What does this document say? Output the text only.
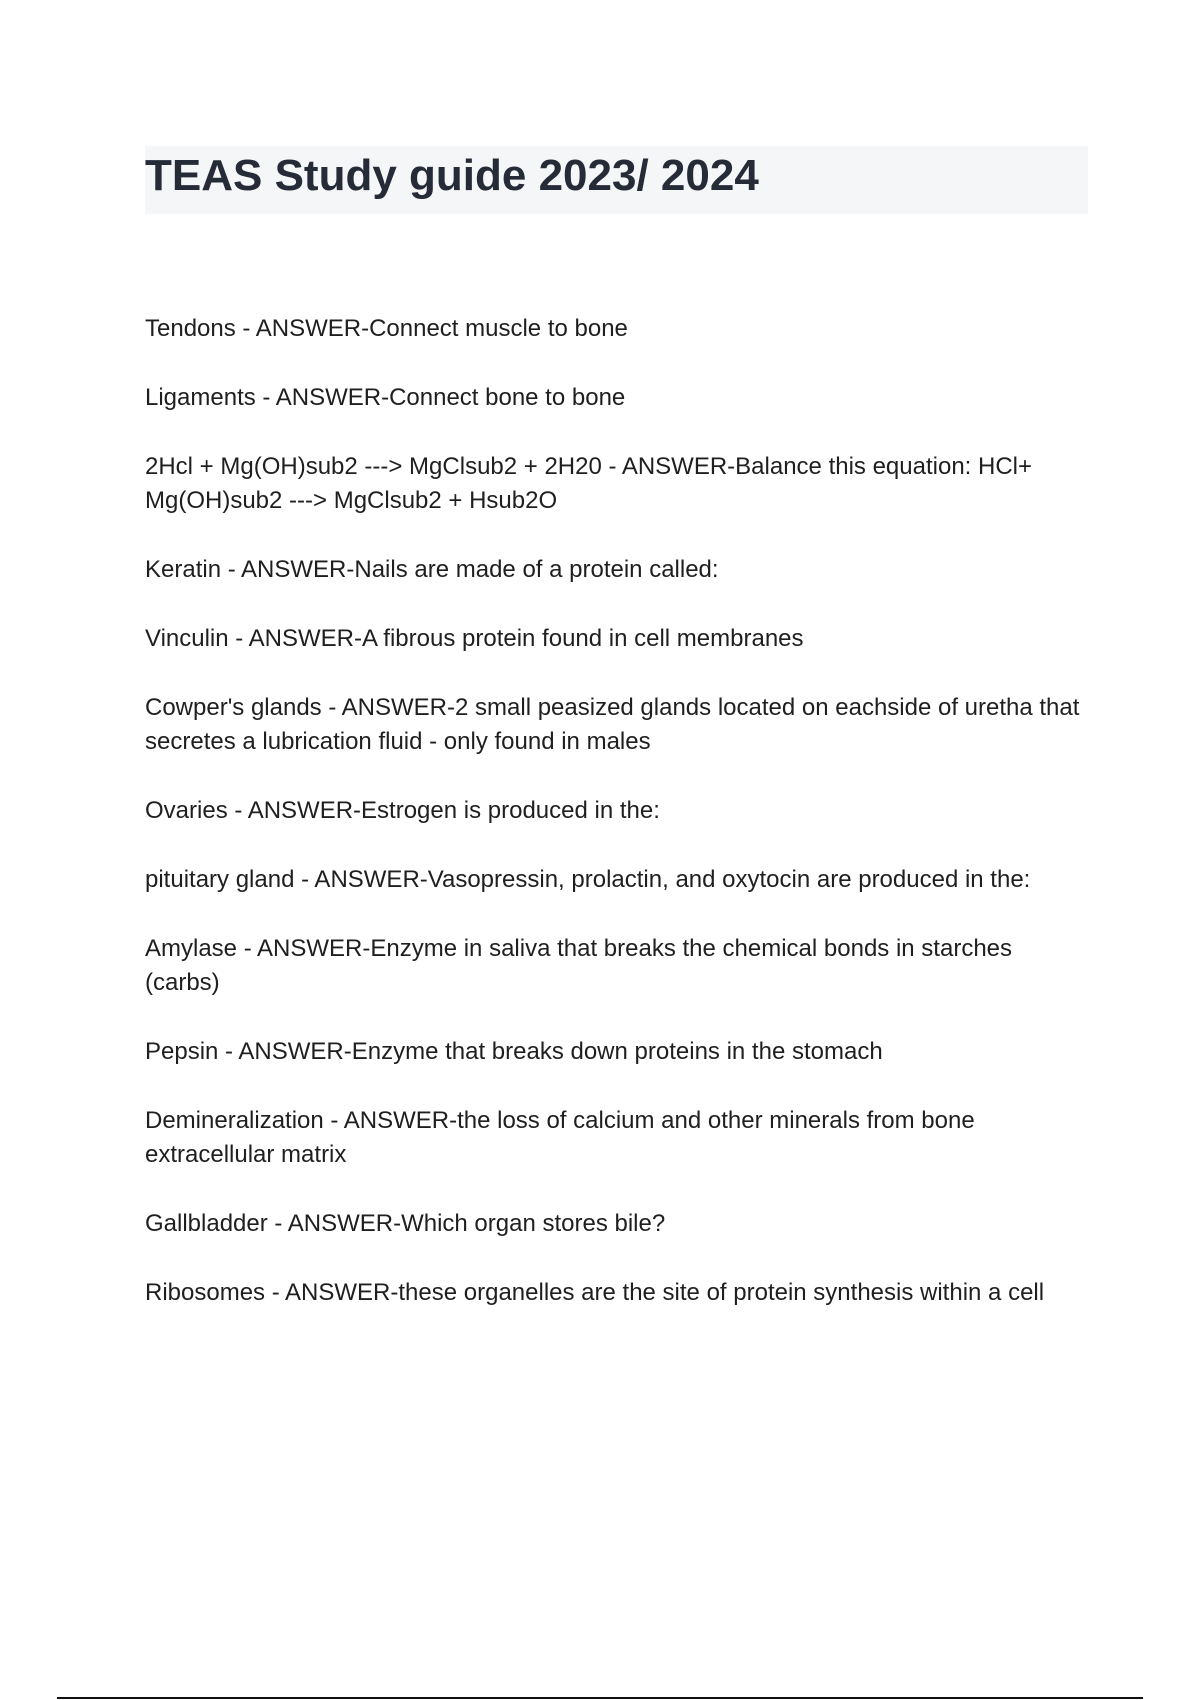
TEAS Study guide 2023/ 2024
Tendons - ANSWER-Connect muscle to bone
Ligaments - ANSWER-Connect bone to bone
2Hcl + Mg(OH)sub2 ---> MgClsub2 + 2H20 - ANSWER-Balance this equation: HCl+ Mg(OH)sub2 ---> MgClsub2 + Hsub2O
Keratin - ANSWER-Nails are made of a protein called:
Vinculin - ANSWER-A fibrous protein found in cell membranes
Cowper's glands - ANSWER-2 small peasized glands located on eachside of uretha that secretes a lubrication fluid - only found in males
Ovaries - ANSWER-Estrogen is produced in the:
pituitary gland - ANSWER-Vasopressin, prolactin, and oxytocin are produced in the:
Amylase - ANSWER-Enzyme in saliva that breaks the chemical bonds in starches (carbs)
Pepsin - ANSWER-Enzyme that breaks down proteins in the stomach
Demineralization - ANSWER-the loss of calcium and other minerals from bone extracellular matrix
Gallbladder - ANSWER-Which organ stores bile?
Ribosomes - ANSWER-these organelles are the site of protein synthesis within a cell
